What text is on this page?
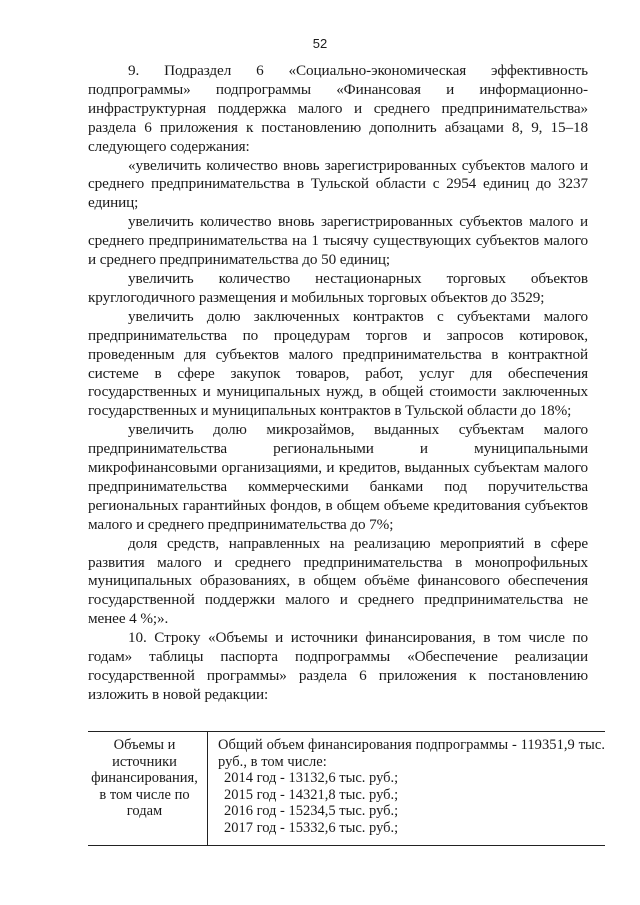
52

9. Подраздел 6 «Социально-экономическая эффективность подпрограммы» подпрограммы «Финансовая и информационно-инфраструктурная поддержка малого и среднего предпринимательства» раздела 6 приложения к постановлению дополнить абзацами 8, 9, 15–18 следующего содержания:

«увеличить количество вновь зарегистрированных субъектов малого и среднего предпринимательства в Тульской области с 2954 единиц до 3237 единиц;

увеличить количество вновь зарегистрированных субъектов малого и среднего предпринимательства на 1 тысячу существующих субъектов малого и среднего предпринимательства до 50 единиц;

увеличить количество нестационарных торговых объектов круглогодичного размещения и мобильных торговых объектов до 3529;

увеличить долю заключенных контрактов с субъектами малого предпринимательства по процедурам торгов и запросов котировок, проведенным для субъектов малого предпринимательства в контрактной системе в сфере закупок товаров, работ, услуг для обеспечения государственных и муниципальных нужд, в общей стоимости заключенных государственных и муниципальных контрактов в Тульской области до 18%;

увеличить долю микрозаймов, выданных субъектам малого предпринимательства региональными и муниципальными микрофинансовыми организациями, и кредитов, выданных субъектам малого предпринимательства коммерческими банками под поручительства региональных гарантийных фондов, в общем объеме кредитования субъектов малого и среднего предпринимательства до 7%;

доля средств, направленных на реализацию мероприятий в сфере развития малого и среднего предпринимательства в монопрофильных муниципальных образованиях, в общем объёме финансового обеспечения государственной поддержки малого и среднего предпринимательства не менее 4 %;».

10. Строку «Объемы и источники финансирования, в том числе по годам» таблицы паспорта подпрограммы «Обеспечение реализации государственной программы» раздела 6 приложения к постановлению изложить в новой редакции:

Объемы и источники финансирования, в том числе по годам	
Общий объем финансирования подпрограммы - 119351,9 тыс. руб., в том числе:
2014 год - 13132,6 тыс. руб.;
2015 год - 14321,8 тыс. руб.;
2016 год - 15234,5 тыс. руб.;
2017 год - 15332,6 тыс. руб.;
